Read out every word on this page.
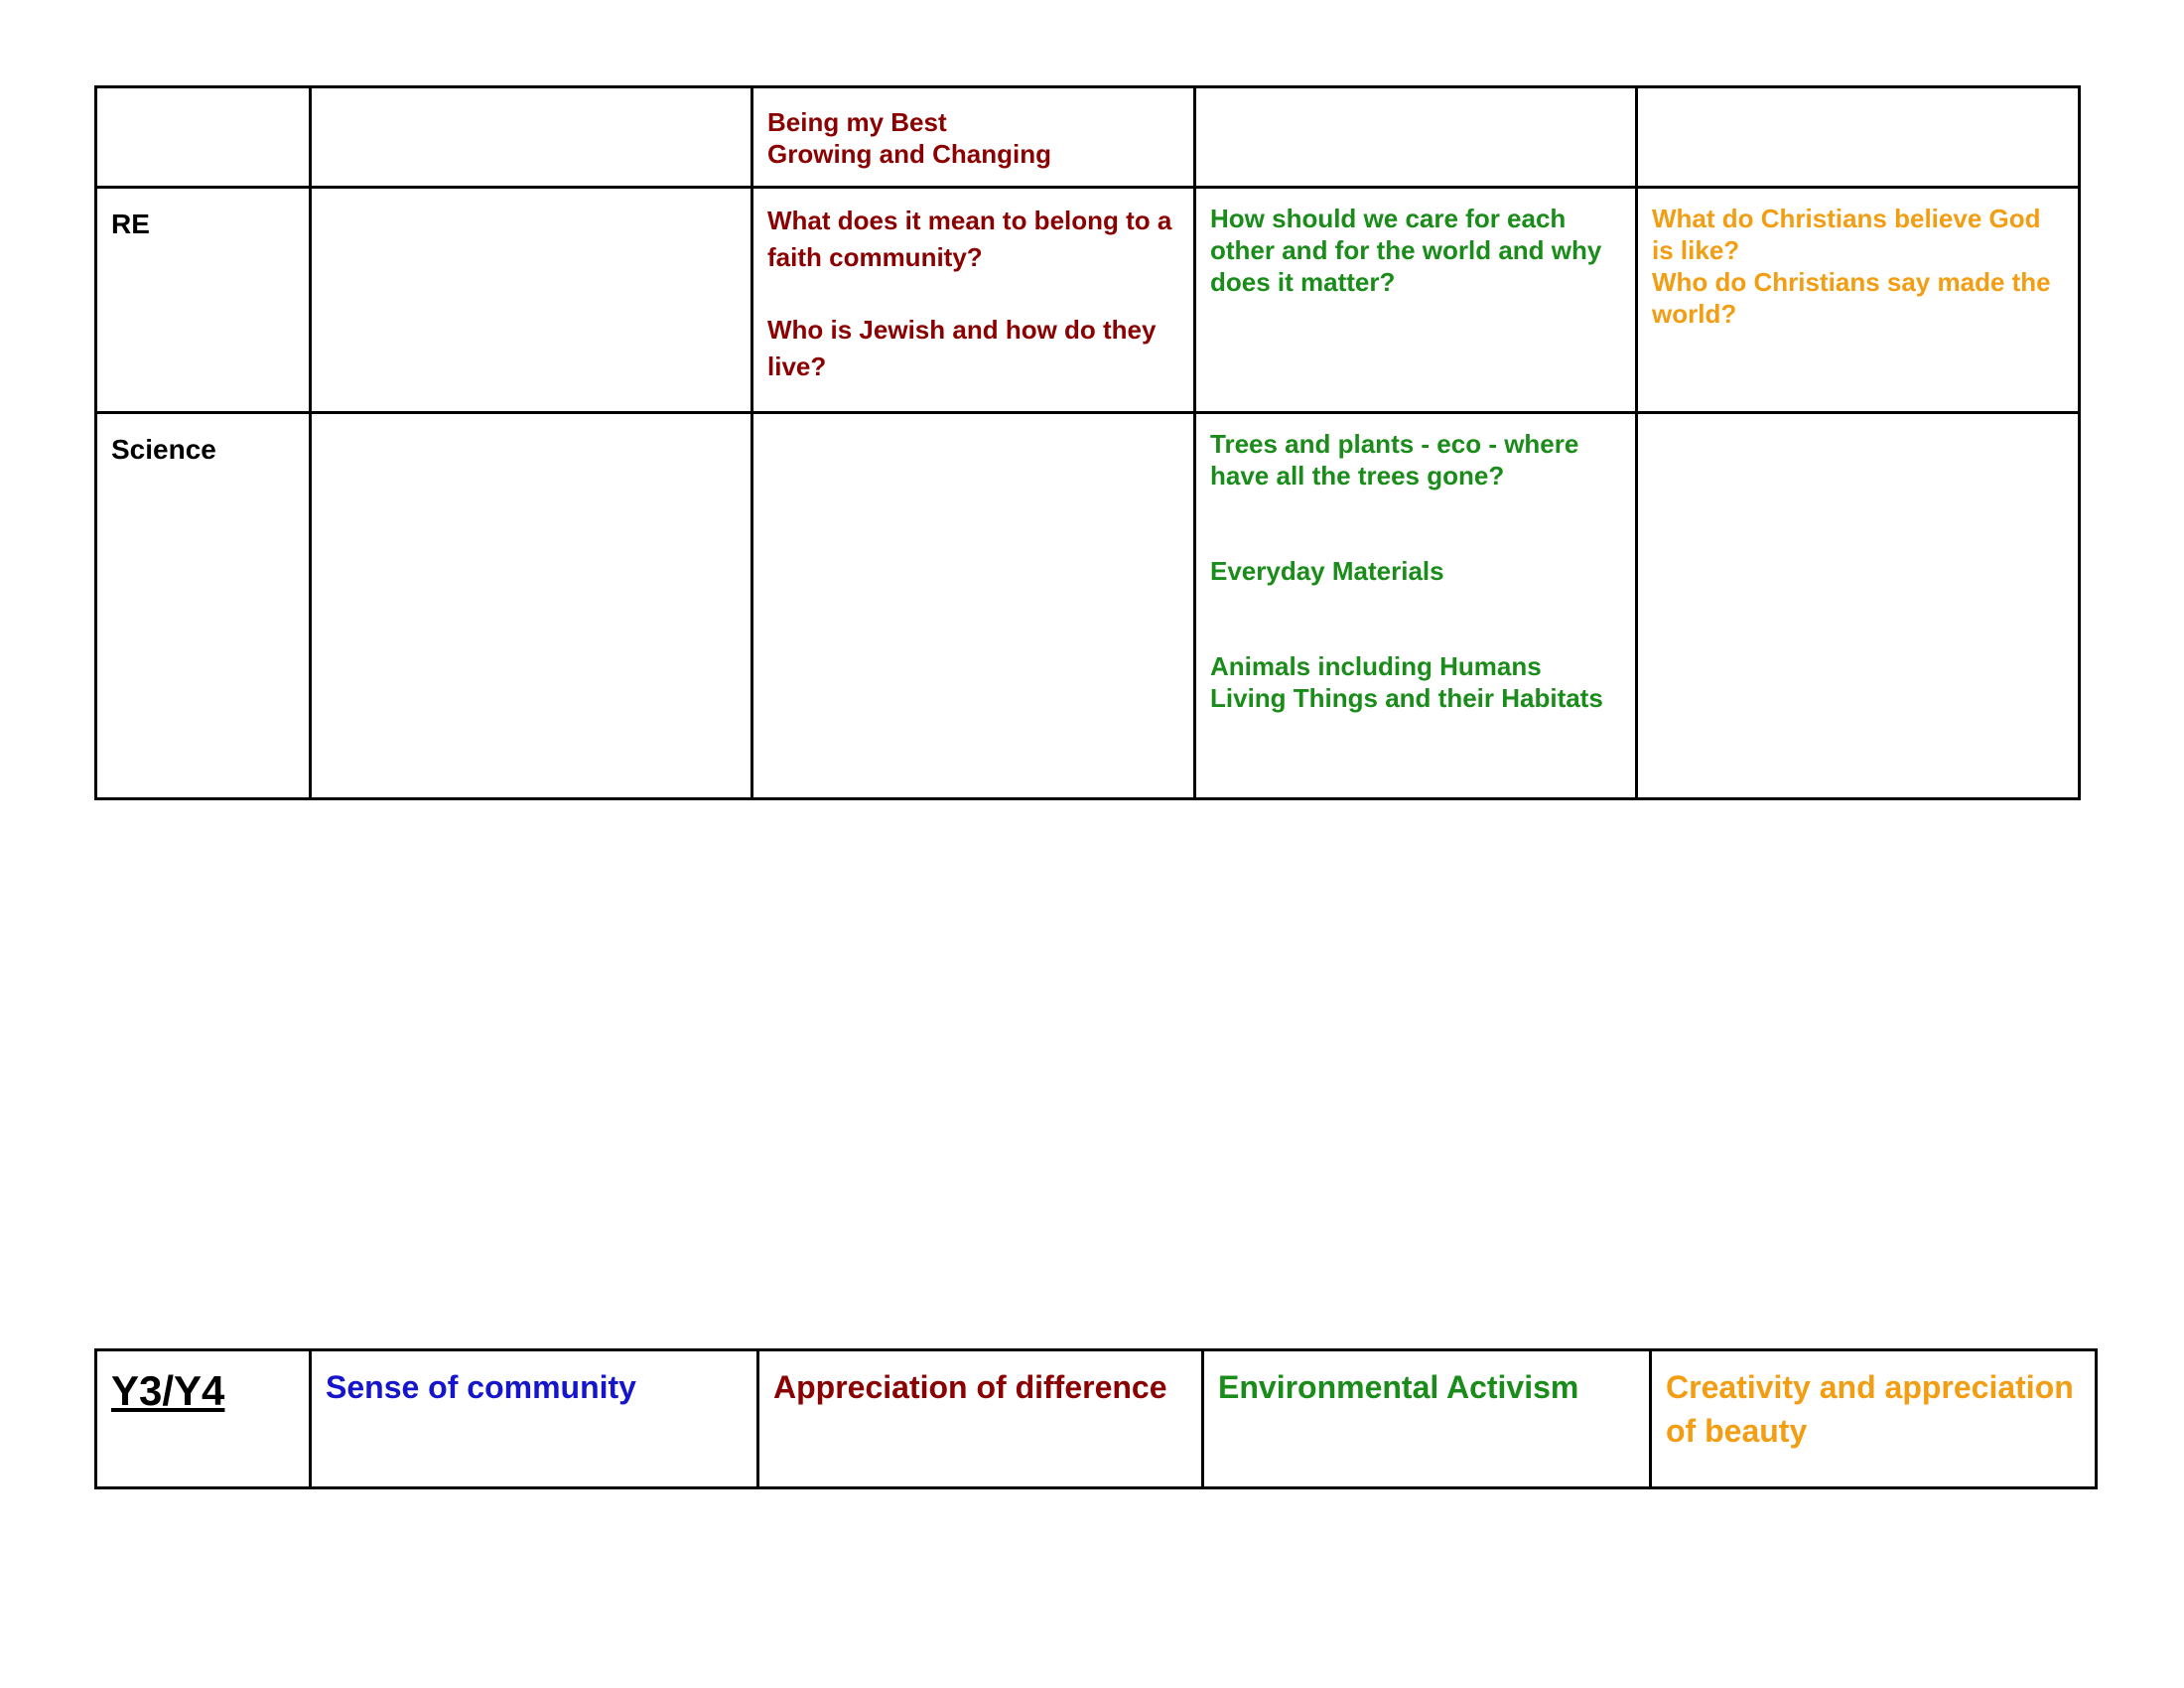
		Being my Best
Growing and Changing		

RE		What does it mean to belong to a faith community?
Who is Jewish and how do they live?	How should we care for each other and for the world and why does it matter?	What do Christians believe God is like?
Who do Christians say made the world?

Science			Trees and plants - eco - where have all the trees gone?
Everyday Materials
Animals including Humans
Living Things and their Habitats	

Y3/Y4	Sense of community	Appreciation of difference	Environmental Activism	Creativity and appreciation of beauty
